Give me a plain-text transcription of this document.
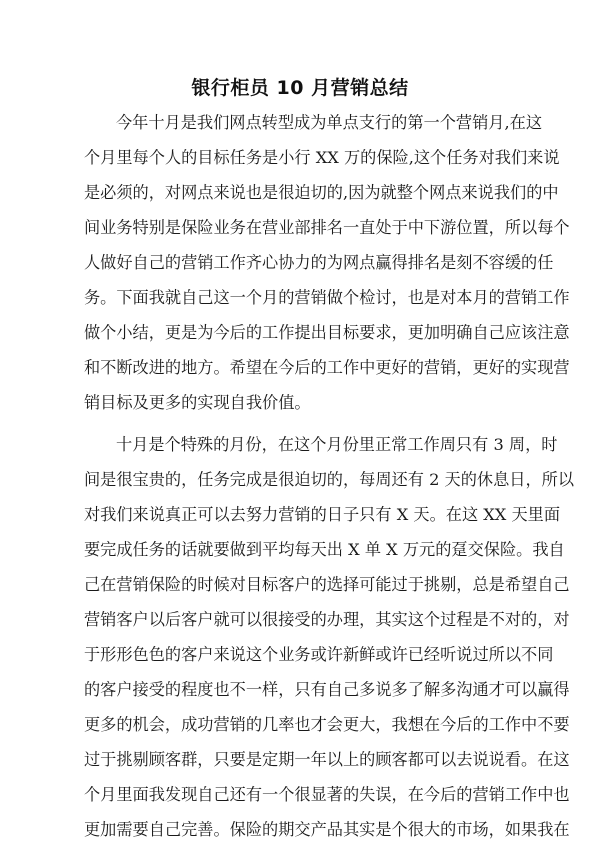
银行柜员 10 月营销总结
今年十月是我们网点转型成为单点支行的第一个营销月,在这
个月里每个人的目标任务是小行 XX 万的保险,这个任务对我们来说
是必须的，对网点来说也是很迫切的,因为就整个网点来说我们的中
间业务特别是保险业务在营业部排名一直处于中下游位置，所以每个
人做好自己的营销工作齐心协力的为网点赢得排名是刻不容缓的任
务。下面我就自己这一个月的营销做个检讨，也是对本月的营销工作
做个小结，更是为今后的工作提出目标要求，更加明确自己应该注意
和不断改进的地方。希望在今后的工作中更好的营销，更好的实现营
销目标及更多的实现自我价值。
十月是个特殊的月份，在这个月份里正常工作周只有 3 周，时
间是很宝贵的，任务完成是很迫切的，每周还有 2 天的休息日，所以
对我们来说真正可以去努力营销的日子只有 X 天。在这 XX 天里面
要完成任务的话就要做到平均每天出 X 单 X 万元的趸交保险。我自
己在营销保险的时候对目标客户的选择可能过于挑剔，总是希望自己
营销客户以后客户就可以很接受的办理，其实这个过程是不对的，对
于形形色色的客户来说这个业务或许新鲜或许已经听说过所以不同
的客户接受的程度也不一样，只有自己多说多了解多沟通才可以赢得
更多的机会，成功营销的几率也才会更大，我想在今后的工作中不要
过于挑剔顾客群，只要是定期一年以上的顾客都可以去说说看。在这
个月里面我发现自己还有一个很显著的失误，在今后的营销工作中也
更加需要自己完善。保险的期交产品其实是个很大的市场，如果我在
